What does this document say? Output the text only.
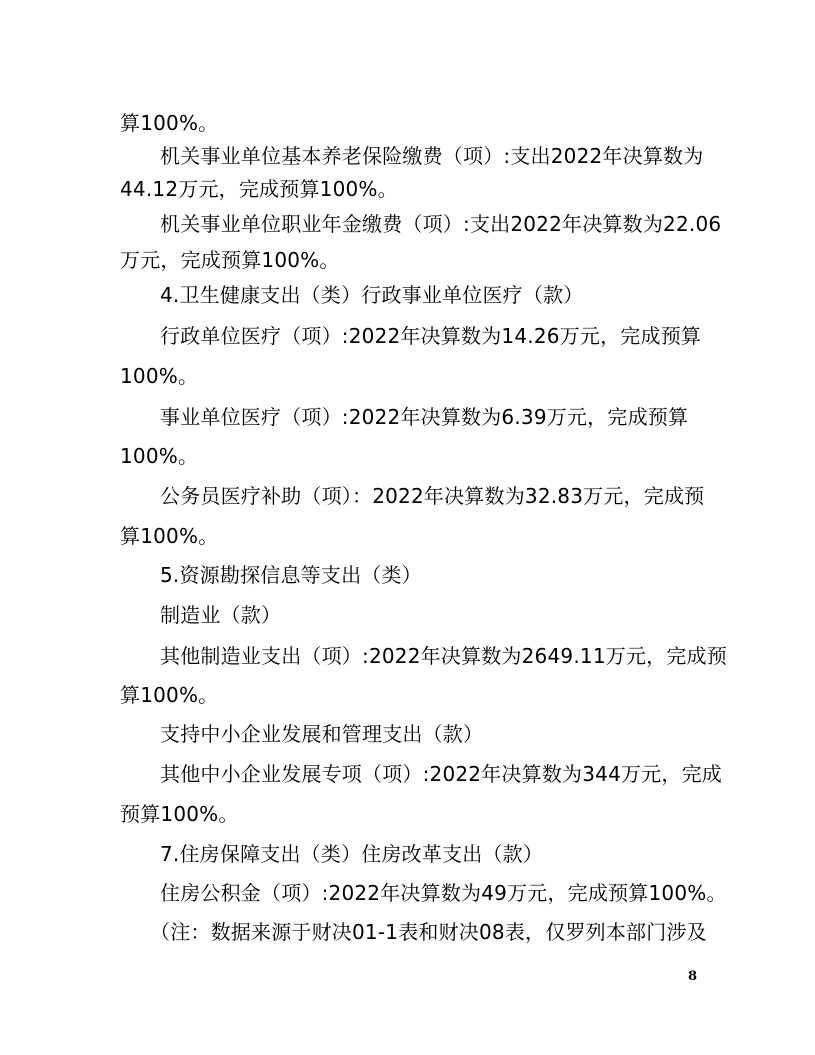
算100%。
机关事业单位基本养老保险缴费（项）:支出2022年决算数为
44.12万元，完成预算100%。
机关事业单位职业年金缴费（项）:支出2022年决算数为22.06
万元，完成预算100%。
4.卫生健康支出（类）行政事业单位医疗（款）
行政单位医疗（项）:2022年决算数为14.26万元，完成预算
100%。
事业单位医疗（项）:2022年决算数为6.39万元，完成预算
100%。
公务员医疗补助（项）：2022年决算数为32.83万元，完成预
算100%。
5.资源勘探信息等支出（类）
制造业（款）
其他制造业支出（项）:2022年决算数为2649.11万元，完成预
算100%。
支持中小企业发展和管理支出（款）
其他中小企业发展专项（项）:2022年决算数为344万元，完成
预算100%。
7.住房保障支出（类）住房改革支出（款）
住房公积金（项）:2022年决算数为49万元，完成预算100%。
（注：数据来源于财决01-1表和财决08表，仅罗列本部门涉及
8
